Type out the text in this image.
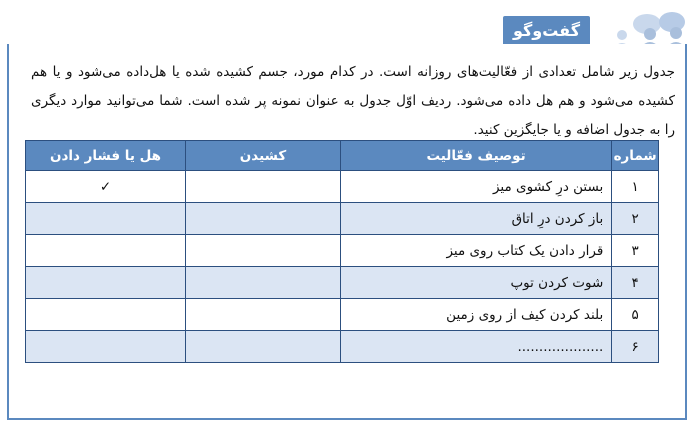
گفت‌وگو
جدول زیر شامل تعدادی از فعّالیت‌های روزانه است. در کدام مورد، جسم کشیده شده یا هل‌داده می‌شود و یا هم کشیده می‌شود و هم هل داده می‌شود. ردیف اوّل جدول به عنوان نمونه پر شده است. شما می‌توانید موارد دیگری را به جدول اضافه و یا جایگزین کنید.
شماره	توصیف فعّالیت	کشیدن	هل یا فشار دادن
۱	بستن درِ کشوی میز		✓
۲	باز کردن درِ اتاق		
۳	قرار دادن یک کتاب روی میز		
۴	شوت کردن توپ		
۵	بلند کردن کیف از روی زمین		
۶	....................		
